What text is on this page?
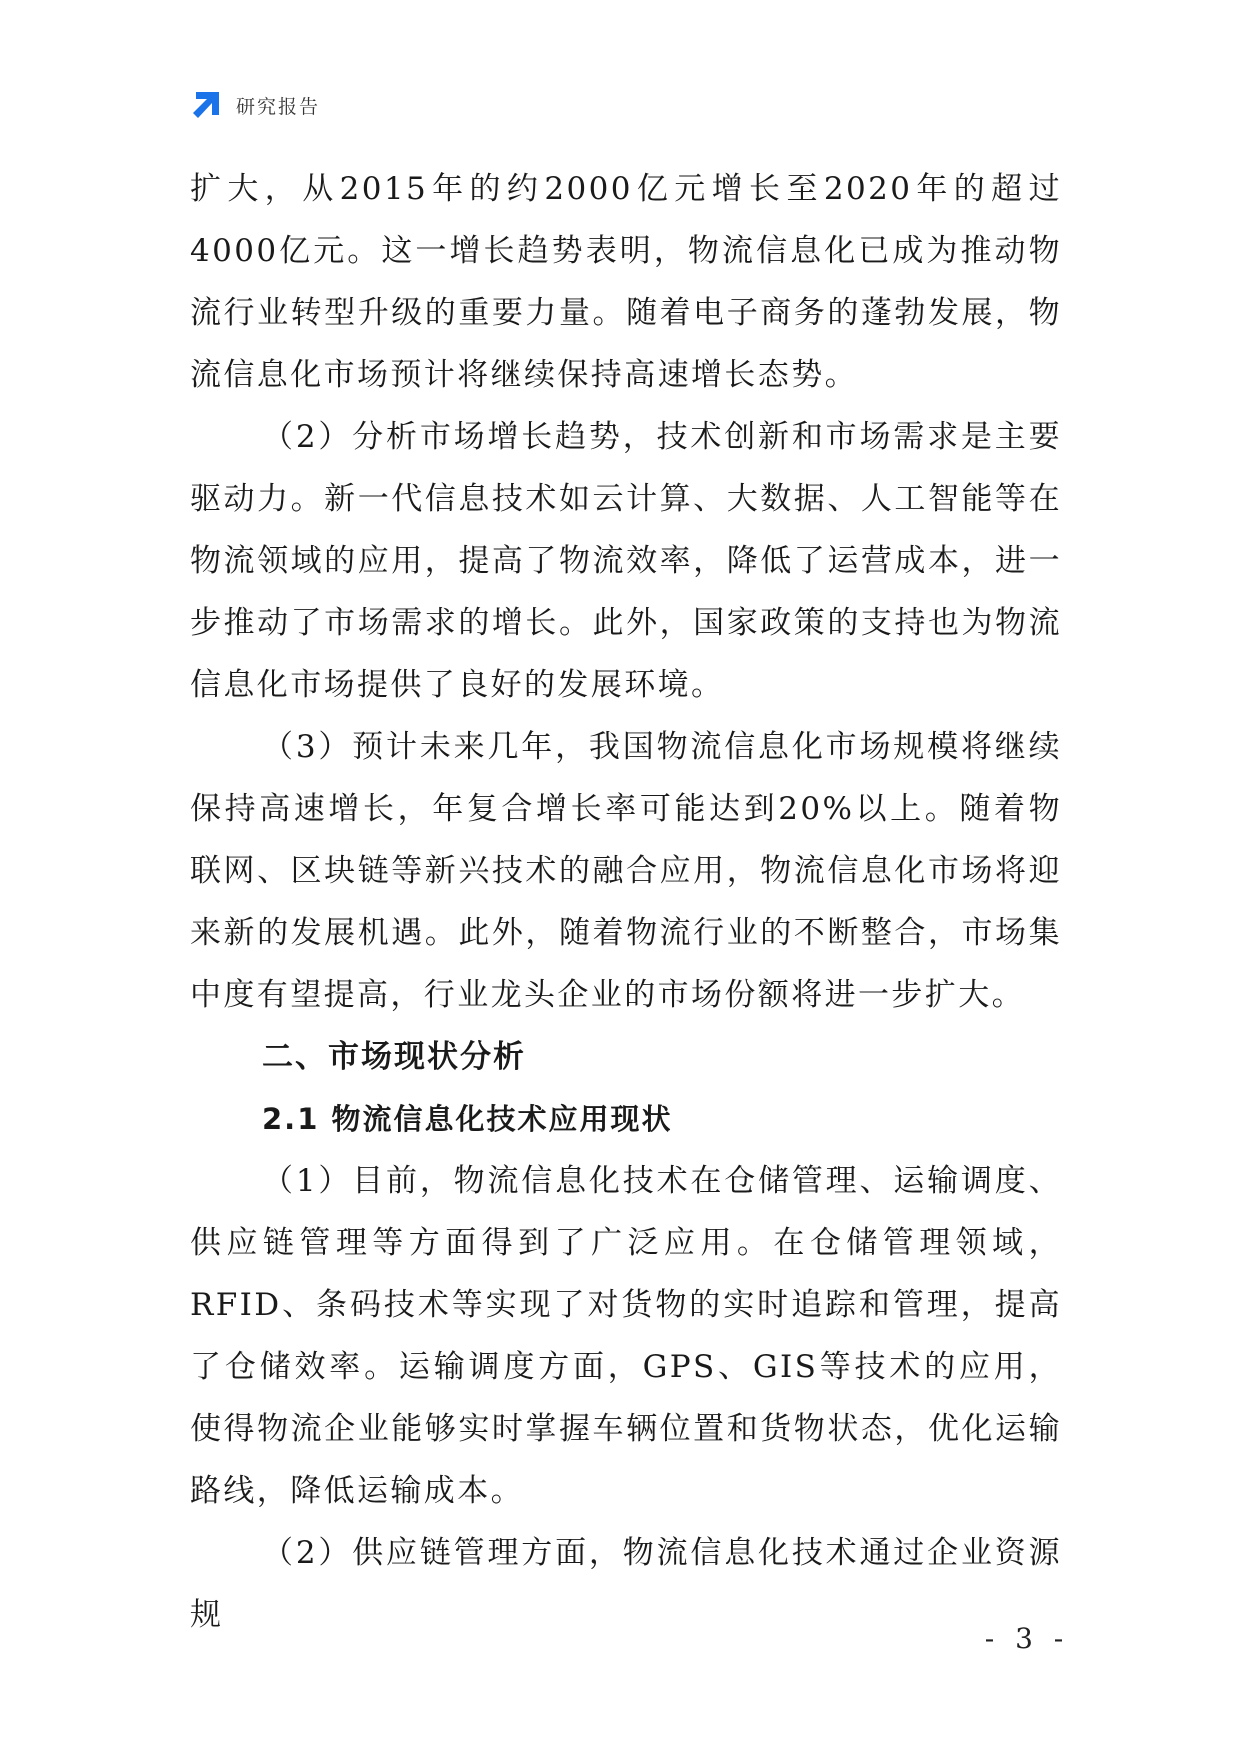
研究报告

扩大，从2015年的约2000亿元增长至2020年的超过4000亿元。这一增长趋势表明，物流信息化已成为推动物流行业转型升级的重要力量。随着电子商务的蓬勃发展，物流信息化市场预计将继续保持高速增长态势。

（2）分析市场增长趋势，技术创新和市场需求是主要驱动力。新一代信息技术如云计算、大数据、人工智能等在物流领域的应用，提高了物流效率，降低了运营成本，进一步推动了市场需求的增长。此外，国家政策的支持也为物流信息化市场提供了良好的发展环境。

（3）预计未来几年，我国物流信息化市场规模将继续保持高速增长，年复合增长率可能达到20%以上。随着物联网、区块链等新兴技术的融合应用，物流信息化市场将迎来新的发展机遇。此外，随着物流行业的不断整合，市场集中度有望提高，行业龙头企业的市场份额将进一步扩大。

二、市场现状分析
2.1 物流信息化技术应用现状

（1）目前，物流信息化技术在仓储管理、运输调度、供应链管理等方面得到了广泛应用。在仓储管理领域，RFID、条码技术等实现了对货物的实时追踪和管理，提高了仓储效率。运输调度方面，GPS、GIS等技术的应用，使得物流企业能够实时掌握车辆位置和货物状态，优化运输路线，降低运输成本。

（2）供应链管理方面，物流信息化技术通过企业资源规

- 3 -
